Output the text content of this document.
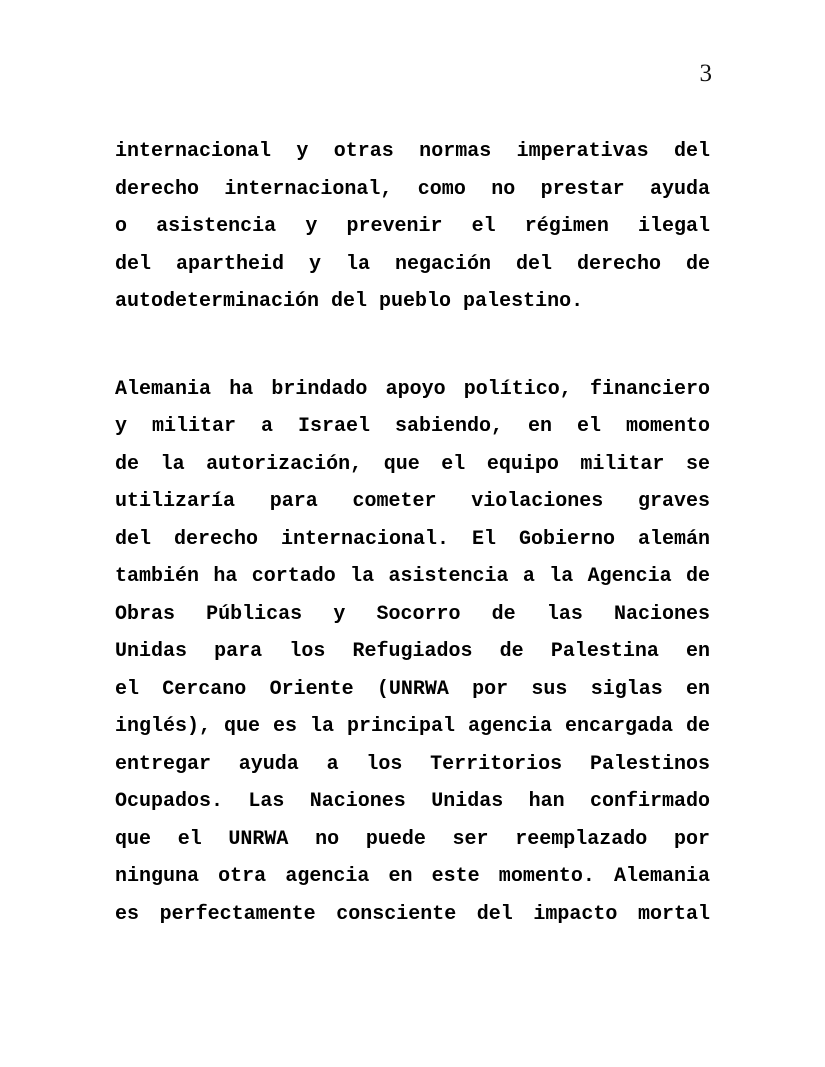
3
internacional y otras normas imperativas del
derecho internacional, como no prestar ayuda
o asistencia y prevenir el régimen ilegal
del apartheid y la negación del derecho de
autodeterminación del pueblo palestino.
Alemania ha brindado apoyo político, financiero
y militar a Israel sabiendo, en el momento
de la autorización, que el equipo militar se
utilizaría para cometer violaciones graves
del derecho internacional. El Gobierno alemán
también ha cortado la asistencia a la Agencia de
Obras Públicas y Socorro de las Naciones
Unidas para los Refugiados de Palestina en
el Cercano Oriente (UNRWA por sus siglas en
inglés), que es la principal agencia encargada de
entregar ayuda a los Territorios Palestinos
Ocupados. Las Naciones Unidas han confirmado
que el UNRWA no puede ser reemplazado por
ninguna otra agencia en este momento. Alemania
es perfectamente consciente del impacto mortal
